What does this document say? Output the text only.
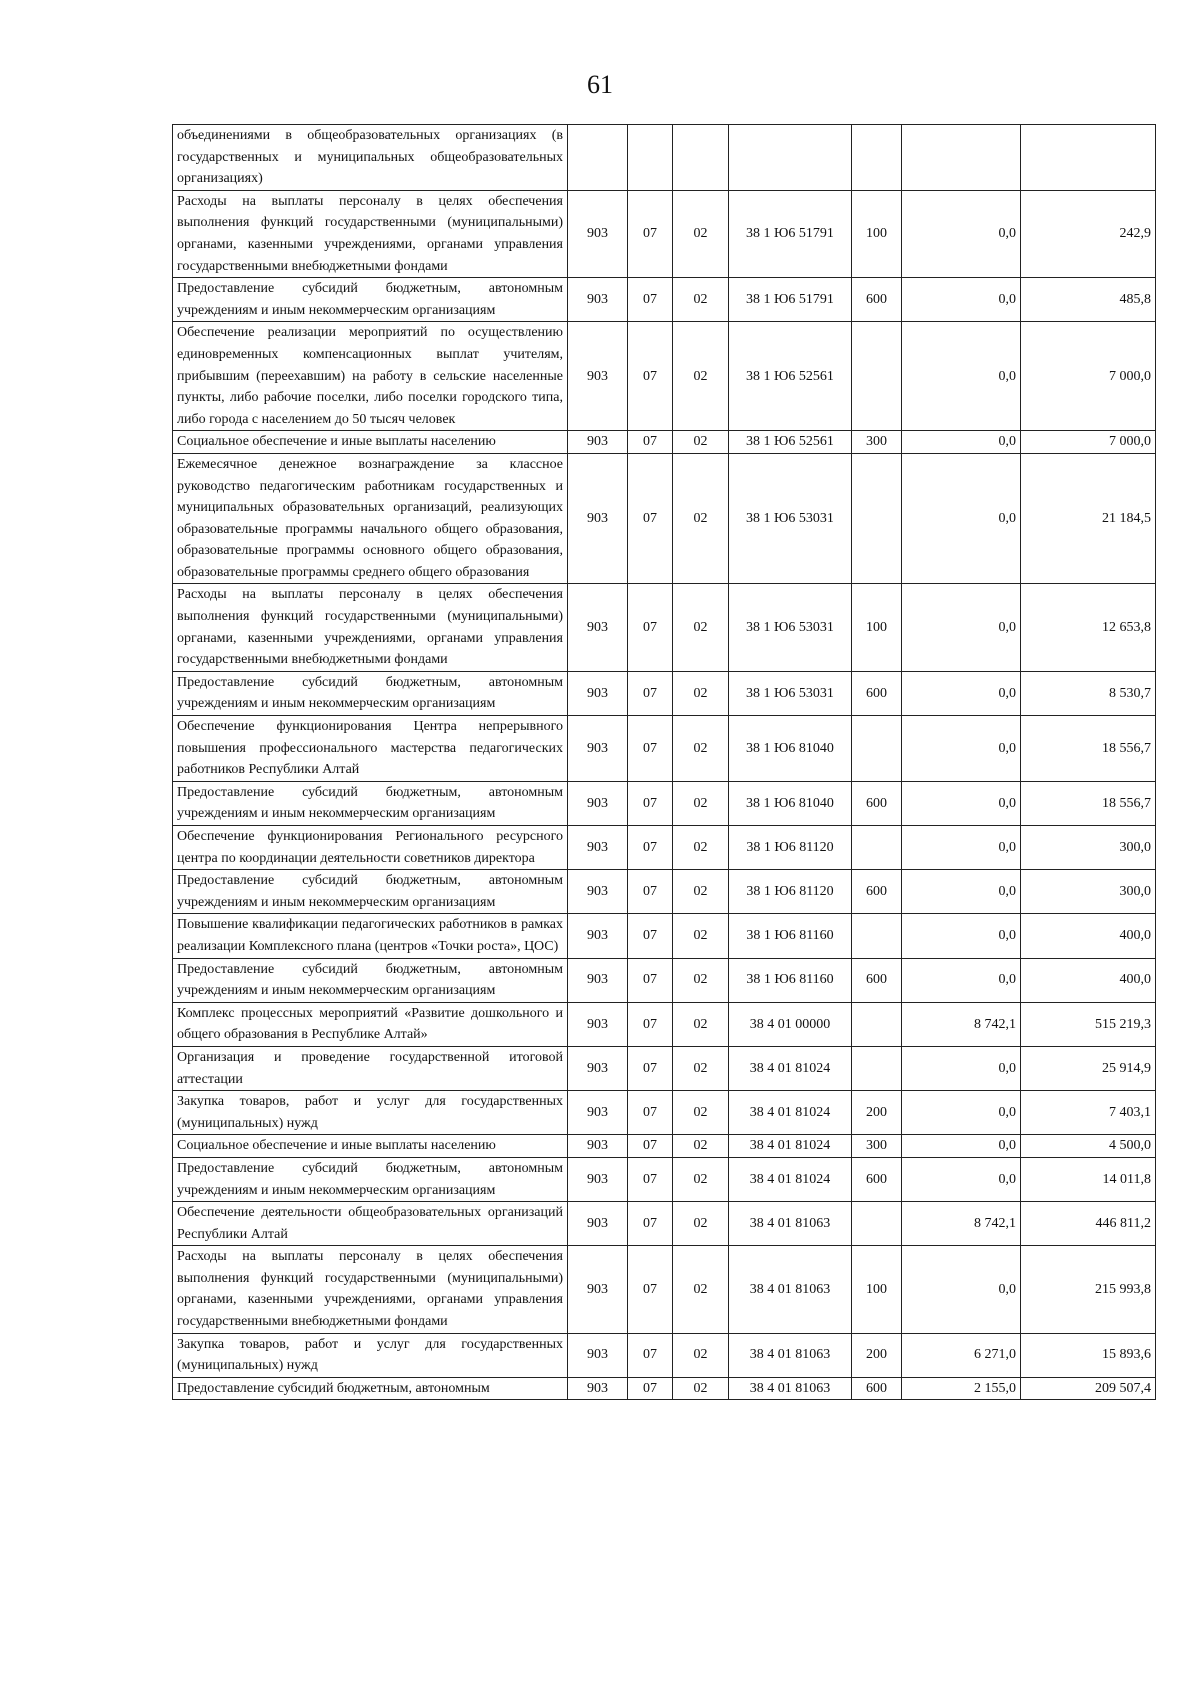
61
объединениями в общеобразовательных организациях (в государственных и муниципальных общеобразовательных организациях)							
Расходы на выплаты персоналу в целях обеспечения выполнения функций государственными (муниципальными) органами, казенными учреждениями, органами управления государственными внебюджетными фондами	903	07	02	38 1 Ю6 51791	100	0,0	242,9
Предоставление субсидий бюджетным, автономным учреждениям и иным некоммерческим организациям	903	07	02	38 1 Ю6 51791	600	0,0	485,8
Обеспечение реализации мероприятий по осуществлению единовременных компенсационных выплат учителям, прибывшим (переехавшим) на работу в сельские населенные пункты, либо рабочие поселки, либо поселки городского типа, либо города с населением до 50 тысяч человек	903	07	02	38 1 Ю6 52561		0,0	7 000,0
Социальное обеспечение и иные выплаты населению	903	07	02	38 1 Ю6 52561	300	0,0	7 000,0
Ежемесячное денежное вознаграждение за классное руководство педагогическим работникам государственных и муниципальных образовательных организаций, реализующих образовательные программы начального общего образования, образовательные программы основного общего образования, образовательные программы среднего общего образования	903	07	02	38 1 Ю6 53031		0,0	21 184,5
Расходы на выплаты персоналу в целях обеспечения выполнения функций государственными (муниципальными) органами, казенными учреждениями, органами управления государственными внебюджетными фондами	903	07	02	38 1 Ю6 53031	100	0,0	12 653,8
Предоставление субсидий бюджетным, автономным учреждениям и иным некоммерческим организациям	903	07	02	38 1 Ю6 53031	600	0,0	8 530,7
Обеспечение функционирования Центра непрерывного повышения профессионального мастерства педагогических работников Республики Алтай	903	07	02	38 1 Ю6 81040		0,0	18 556,7
Предоставление субсидий бюджетным, автономным учреждениям и иным некоммерческим организациям	903	07	02	38 1 Ю6 81040	600	0,0	18 556,7
Обеспечение функционирования Регионального ресурсного центра по координации деятельности советников директора	903	07	02	38 1 Ю6 81120		0,0	300,0
Предоставление субсидий бюджетным, автономным учреждениям и иным некоммерческим организациям	903	07	02	38 1 Ю6 81120	600	0,0	300,0
Повышение квалификации педагогических работников в рамках реализации Комплексного плана (центров «Точки роста», ЦОС)	903	07	02	38 1 Ю6 81160		0,0	400,0
Предоставление субсидий бюджетным, автономным учреждениям и иным некоммерческим организациям	903	07	02	38 1 Ю6 81160	600	0,0	400,0
Комплекс процессных мероприятий «Развитие дошкольного и общего образования в Республике Алтай»	903	07	02	38 4 01 00000		8 742,1	515 219,3
Организация и проведение государственной итоговой аттестации	903	07	02	38 4 01 81024		0,0	25 914,9
Закупка товаров, работ и услуг для государственных (муниципальных) нужд	903	07	02	38 4 01 81024	200	0,0	7 403,1
Социальное обеспечение и иные выплаты населению	903	07	02	38 4 01 81024	300	0,0	4 500,0
Предоставление субсидий бюджетным, автономным учреждениям и иным некоммерческим организациям	903	07	02	38 4 01 81024	600	0,0	14 011,8
Обеспечение деятельности общеобразовательных организаций Республики Алтай	903	07	02	38 4 01 81063		8 742,1	446 811,2
Расходы на выплаты персоналу в целях обеспечения выполнения функций государственными (муниципальными) органами, казенными учреждениями, органами управления государственными внебюджетными фондами	903	07	02	38 4 01 81063	100	0,0	215 993,8
Закупка товаров, работ и услуг для государственных (муниципальных) нужд	903	07	02	38 4 01 81063	200	6 271,0	15 893,6
Предоставление субсидий бюджетным, автономным	903	07	02	38 4 01 81063	600	2 155,0	209 507,4
